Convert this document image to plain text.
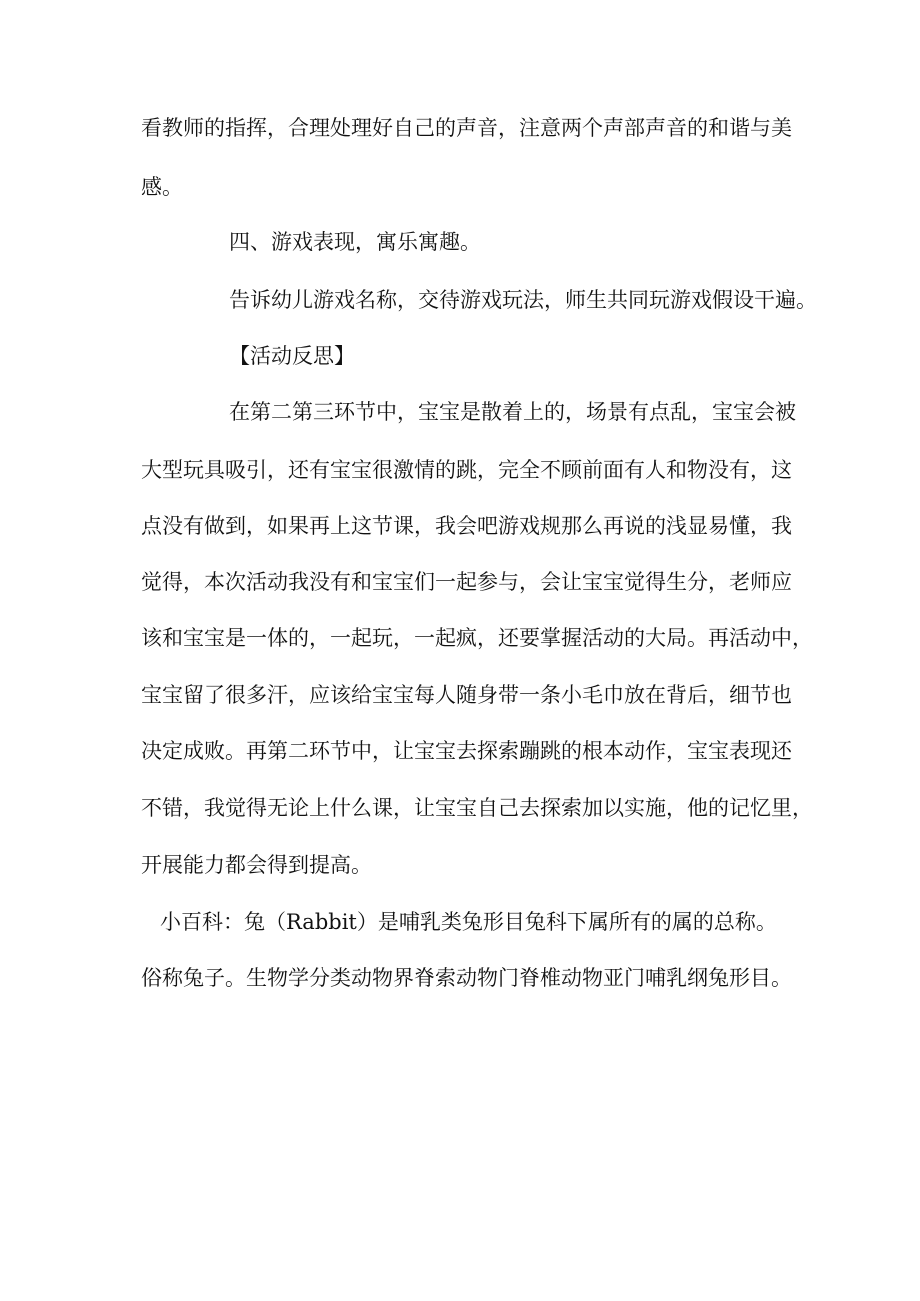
看教师的指挥，合理处理好自己的声音，注意两个声部声音的和谐与美

感。

四、游戏表现，寓乐寓趣。

告诉幼儿游戏名称，交待游戏玩法，师生共同玩游戏假设干遍。

【活动反思】

在第二第三环节中，宝宝是散着上的，场景有点乱，宝宝会被

大型玩具吸引，还有宝宝很激情的跳，完全不顾前面有人和物没有，这

点没有做到，如果再上这节课，我会吧游戏规那么再说的浅显易懂，我

觉得，本次活动我没有和宝宝们一起参与，会让宝宝觉得生分，老师应

该和宝宝是一体的，一起玩，一起疯，还要掌握活动的大局。再活动中，

宝宝留了很多汗，应该给宝宝每人随身带一条小毛巾放在背后，细节也

决定成败。再第二环节中，让宝宝去探索蹦跳的根本动作，宝宝表现还

不错，我觉得无论上什么课，让宝宝自己去探索加以实施，他的记忆里，

开展能力都会得到提高。

小百科：兔（Rabbit）是哺乳类兔形目兔科下属所有的属的总称。

俗称兔子。生物学分类动物界脊索动物门脊椎动物亚门哺乳纲兔形目。
